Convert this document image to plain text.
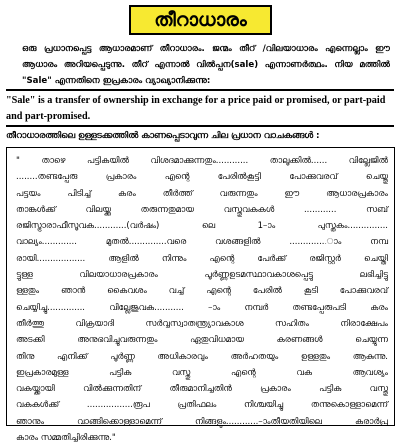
തീറാധാരം

ഒരു പ്രധാനപ്പെട്ട ആധാരമാണ് തീറാധാരം. ജന്മം തീറ് /വിലയാധാരം എന്നെല്ലാം ഈ ആധാരം അറിയപ്പെടുന്നു. തീറ് എന്നാൽ വിൽപ്പന(sale) എന്നാണർത്ഥം. നിയ മത്തിൽ "Sale" എന്നതിനെ ഇപ്രകാരം വ്യാഖ്യാനിക്കുന്നു:

"Sale" is a transfer of ownership in exchange for a price paid or promised, or part-paid and part-promised.

തീറാധാരത്തിലെ ഉള്ളടക്കത്തിൽ കാണപ്പെടാവുന്ന ചില പ്രധാന വാചകങ്ങൾ :

" താഴെ പട്ടികയിൽ വിശദമാക്കുന്നതും............ താലൂക്കിൽ...... വില്ലേജിൽ

........തണ്ടപ്പേരു പ്രകാരം എന്റെ പേരിൽകൂട്ടി പോക്കുവരവ് ചെയ്തു

പട്ടയം പിടിച്ച് കരം തീർത്ത് വരുന്നതും ഈ ആധാരപ്രകാരം

താങ്കൾക്ക് വിലയ്ക്കു തരുന്നതുമായ വസ്തുവകകൾ ............ സബ്

രജിസ്ട്രാരാഫീസൂവക............(വർഷം) ലെ 1–ാം പുസ്തകം...............

വാല്യം............. മുതൽ..............വരെ വശങ്ങളിൽ ..............ാം നമ്പ

രായി.................. ആളിൽ നിന്നും എന്റെ പേർക്ക് രജിസ്റ്റർ ചെയ്തി

ട്ടുള്ള വിലയാധാരപ്രകാരം പൂർണ്ണഉടമസ്ഥാവകാശപ്പെട്ടു ലഭിച്ചിട്ടു

ള്ളതും ഞാൻ കൈവശം വച്ച് എന്റെ പേരിൽ കൂടി പോക്കുവരവ്

ചെയ്യിച്ചു.............. വില്ലേജുവക........... –ാം നമ്പർ തണ്ടപ്പേരുപടി കരം

തീർത്തു വിക്രയാദി സർവ്വസ്വാതന്ത്ര്യാവകാശ സഹിതം നിരാക്ഷേപം

അടക്കി അനുഭവിച്ചുവരുന്നതും ഏതുവിധമായ കരണങ്ങൾ ചെയ്യുന്ന

തിനു എനിക്ക് പൂർണ്ണ അധികാരവും അർഹതയും ഉള്ളതും ആകുന്നു.

ഇപ്രകാരമുള്ള പട്ടിക വസ്തു എന്റെ വക ആവശ്യം

വകയ്ക്കായി വിൽക്കുന്നതിന് തീരുമാനിച്ചതിൻ പ്രകാരം പട്ടിക വസ്തു

വകകൾക്ക് .................രൂപ പ്രതിഫലം നിശ്ചയിച്ചു തന്നുകൊള്ളാമെന്ന്

ഞാനും വാങ്ങിക്കൊള്ളാമെന്ന് നിങ്ങളും............–ാംതീയതിയിലെ കരാർപ്ര

കാരം സമ്മതിച്ചിരിക്കുന്നു."
